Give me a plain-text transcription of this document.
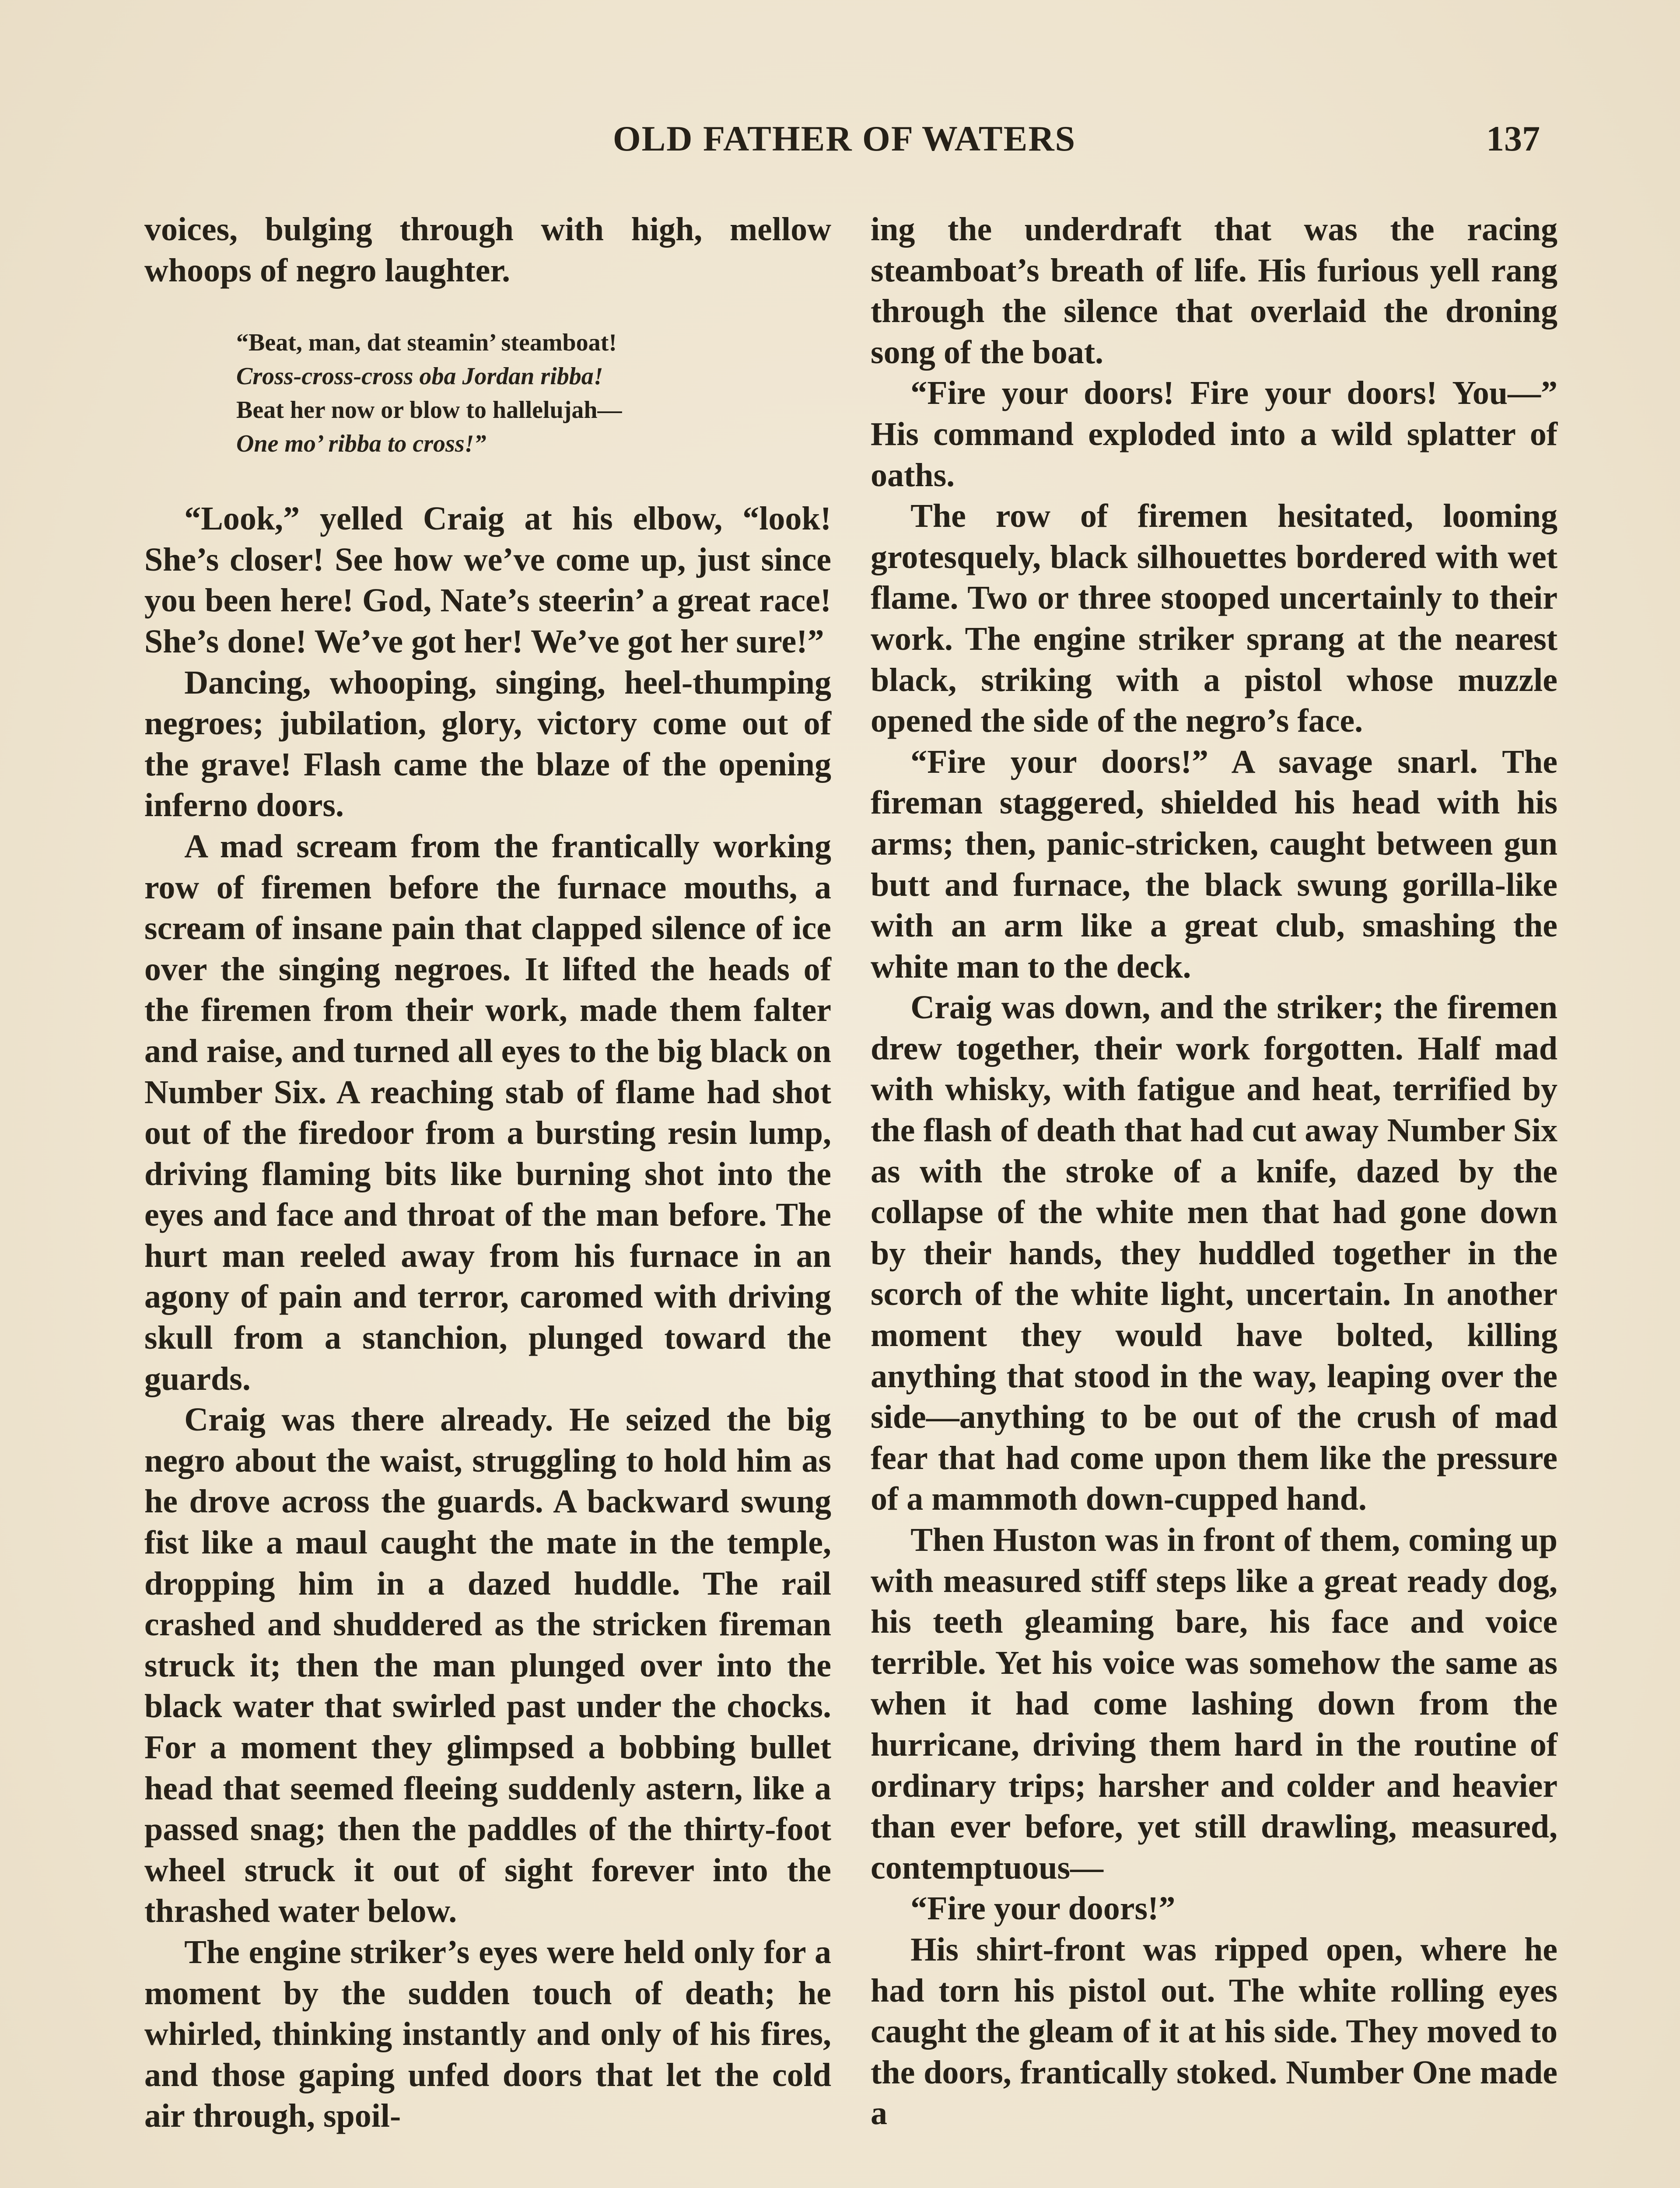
OLD FATHER OF WATERS	137

voices, bulging through with high, mellow whoops of negro laughter.

“Beat, man, dat steamin’ steamboat!
Cross-cross-cross oba Jordan ribba!
Beat her now or blow to hallelujah—
One mo’ ribba to cross!”

“Look,” yelled Craig at his elbow, “look! She’s closer! See how we’ve come up, just since you been here! God, Nate’s steerin’ a great race! She’s done! We’ve got her! We’ve got her sure!”

Dancing, whooping, singing, heel-thumping negroes; jubilation, glory, victory come out of the grave! Flash came the blaze of the opening inferno doors.

A mad scream from the frantically working row of firemen before the furnace mouths, a scream of insane pain that clapped silence of ice over the singing negroes. It lifted the heads of the firemen from their work, made them falter and raise, and turned all eyes to the big black on Number Six. A reaching stab of flame had shot out of the firedoor from a bursting resin lump, driving flaming bits like burning shot into the eyes and face and throat of the man before. The hurt man reeled away from his furnace in an agony of pain and terror, caromed with driving skull from a stanchion, plunged toward the guards.

Craig was there already. He seized the big negro about the waist, struggling to hold him as he drove across the guards. A backward swung fist like a maul caught the mate in the temple, dropping him in a dazed huddle. The rail crashed and shuddered as the stricken fireman struck it; then the man plunged over into the black water that swirled past under the chocks. For a moment they glimpsed a bobbing bullet head that seemed fleeing suddenly astern, like a passed snag; then the paddles of the thirty-foot wheel struck it out of sight forever into the thrashed water below.

The engine striker’s eyes were held only for a moment by the sudden touch of death; he whirled, thinking instantly and only of his fires, and those gaping unfed doors that let the cold air through, spoil-

ing the underdraft that was the racing steamboat’s breath of life. His furious yell rang through the silence that overlaid the droning song of the boat.

“Fire your doors! Fire your doors! You—” His command exploded into a wild splatter of oaths.

The row of firemen hesitated, looming grotesquely, black silhouettes bordered with wet flame. Two or three stooped uncertainly to their work. The engine striker sprang at the nearest black, striking with a pistol whose muzzle opened the side of the negro’s face.

“Fire your doors!” A savage snarl. The fireman staggered, shielded his head with his arms; then, panic-stricken, caught between gun butt and furnace, the black swung gorilla-like with an arm like a great club, smashing the white man to the deck.

Craig was down, and the striker; the firemen drew together, their work forgotten. Half mad with whisky, with fatigue and heat, terrified by the flash of death that had cut away Number Six as with the stroke of a knife, dazed by the collapse of the white men that had gone down by their hands, they huddled together in the scorch of the white light, uncertain. In another moment they would have bolted, killing anything that stood in the way, leaping over the side—anything to be out of the crush of mad fear that had come upon them like the pressure of a mammoth down-cupped hand.

Then Huston was in front of them, coming up with measured stiff steps like a great ready dog, his teeth gleaming bare, his face and voice terrible. Yet his voice was somehow the same as when it had come lashing down from the hurricane, driving them hard in the routine of ordinary trips; harsher and colder and heavier than ever before, yet still drawling, measured, contemptuous—

“Fire your doors!”

His shirt-front was ripped open, where he had torn his pistol out. The white rolling eyes caught the gleam of it at his side. They moved to the doors, frantically stoked. Number One made a
